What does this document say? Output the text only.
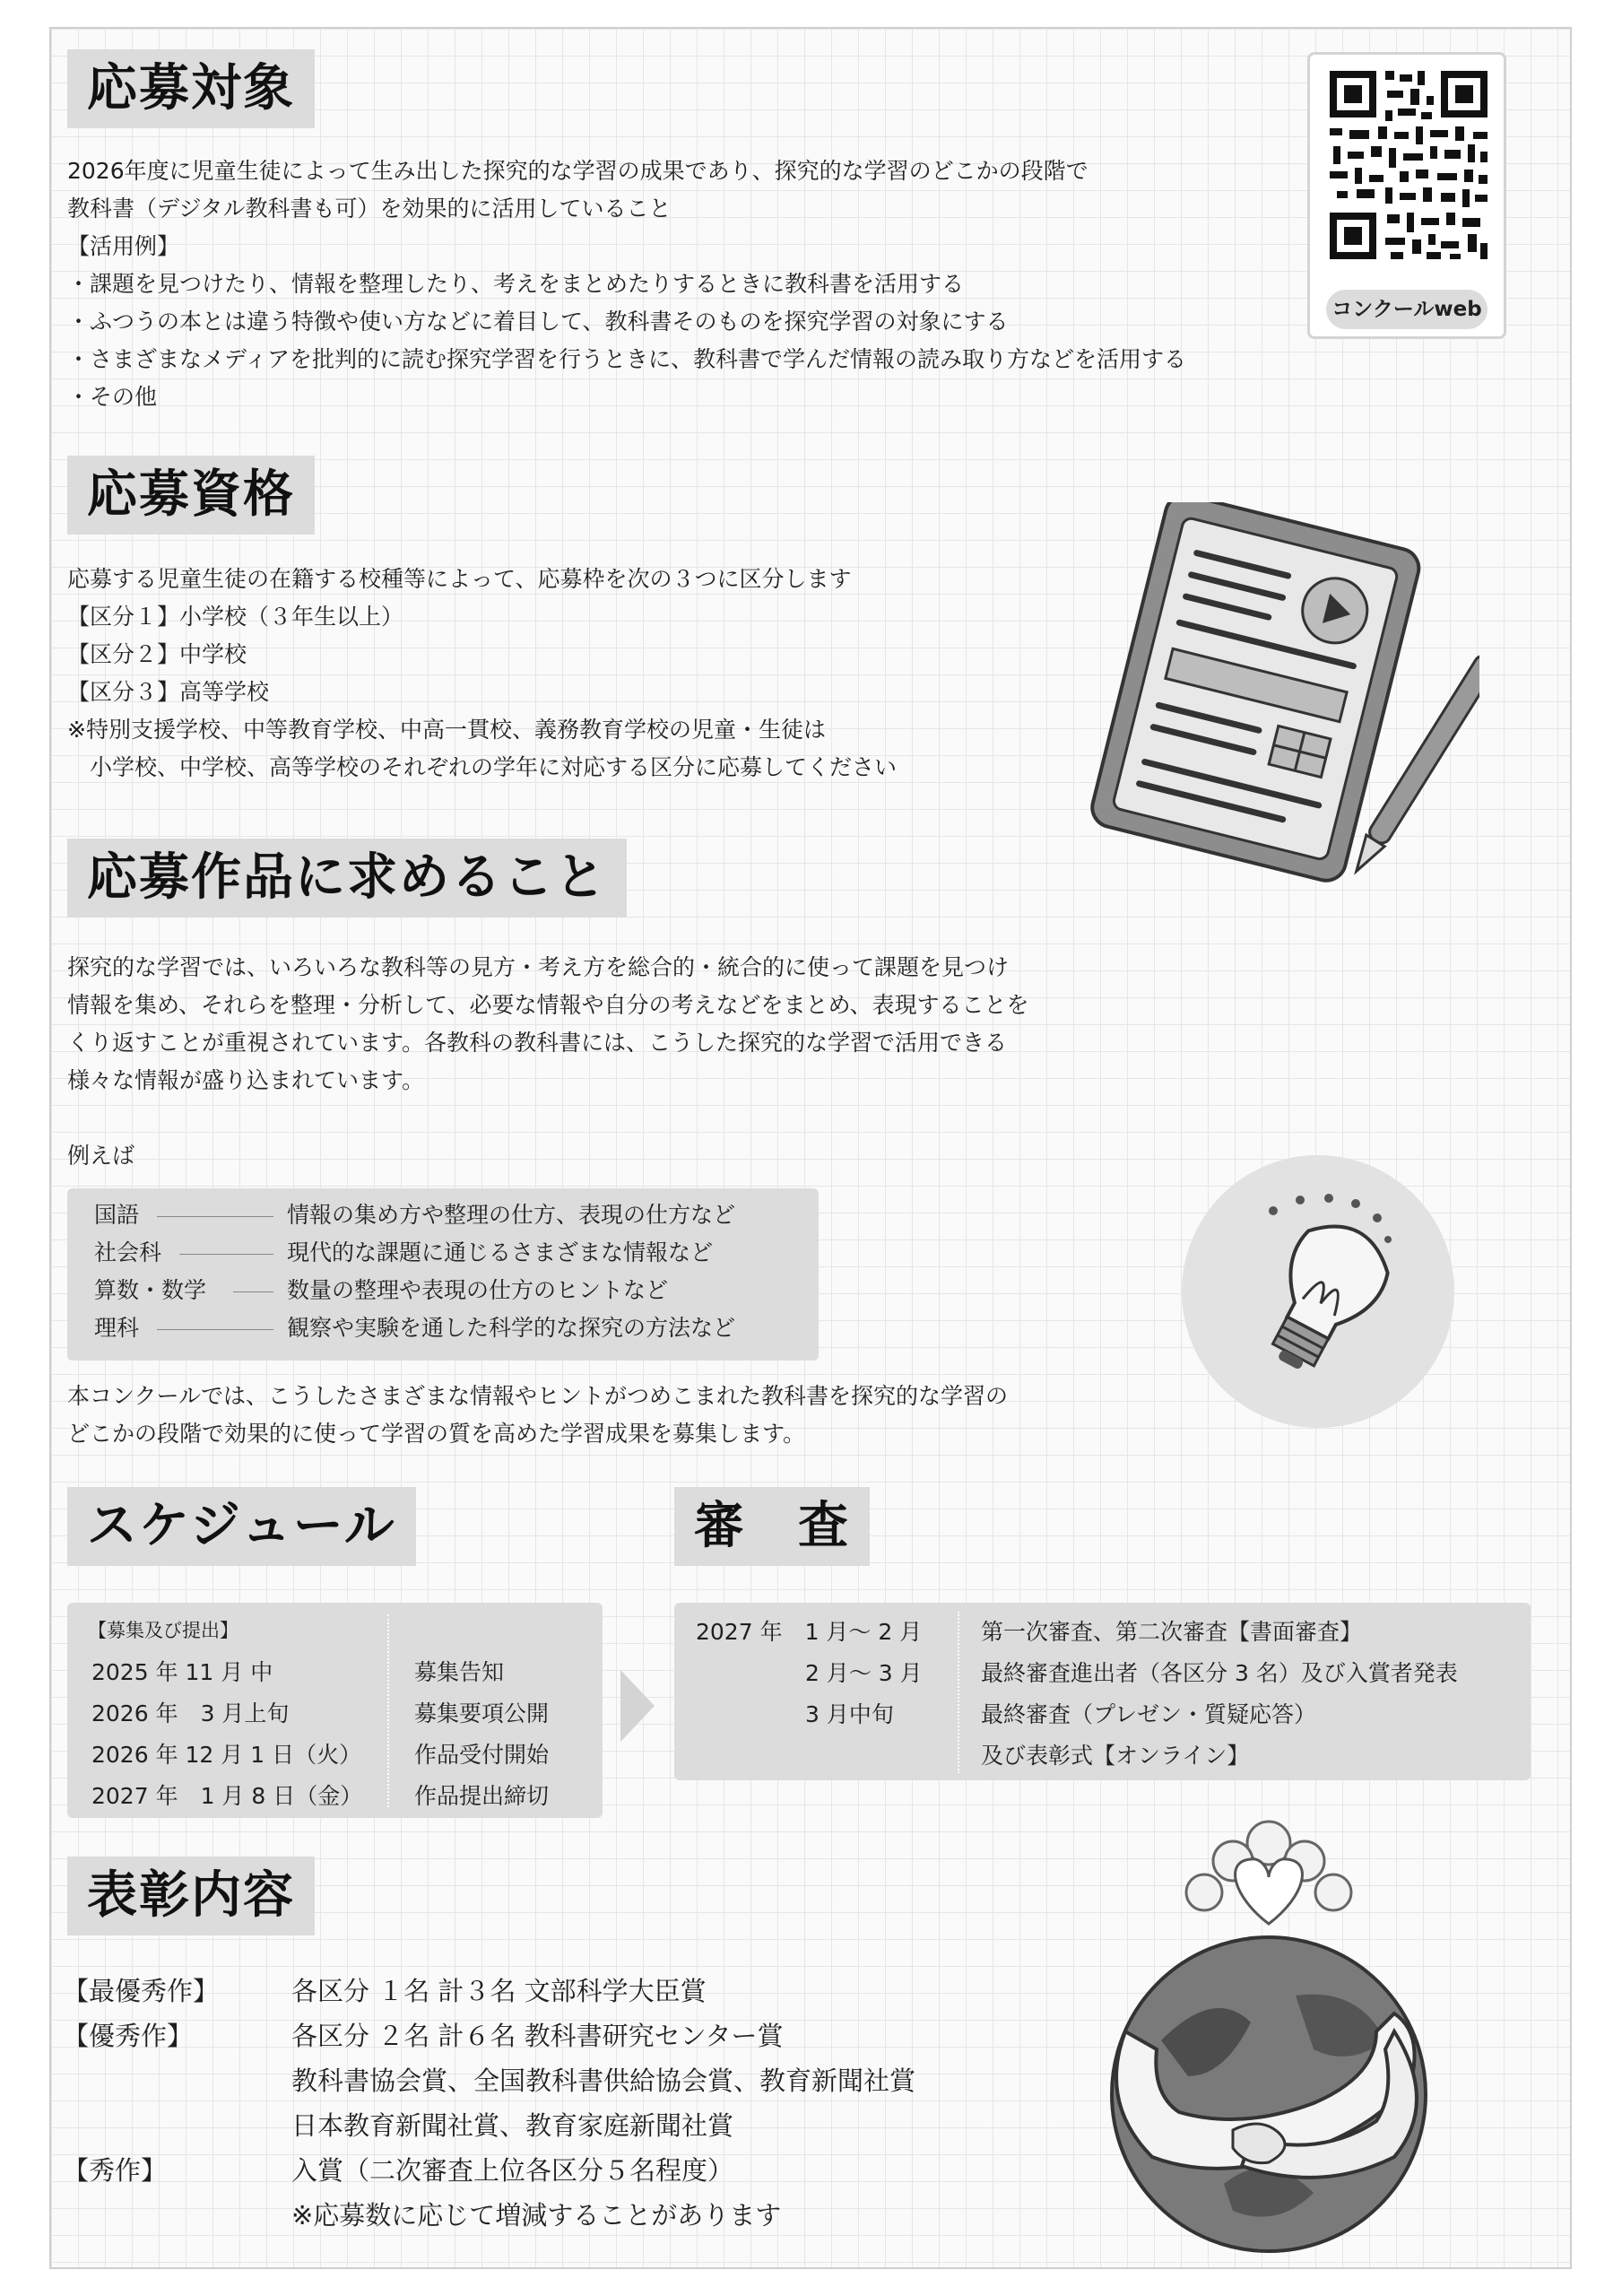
コンクールweb
応募対象
2026年度に児童生徒によって生み出した探究的な学習の成果であり、探究的な学習のどこかの段階で
教科書（デジタル教科書も可）を効果的に活用していること
【活用例】
・課題を見つけたり、情報を整理したり、考えをまとめたりするときに教科書を活用する
・ふつうの本とは違う特徴や使い方などに着目して、教科書そのものを探究学習の対象にする
・さまざまなメディアを批判的に読む探究学習を行うときに、教科書で学んだ情報の読み取り方などを活用する
・その他
応募資格
応募する児童生徒の在籍する校種等によって、応募枠を次の３つに区分します
【区分１】小学校（３年生以上）
【区分２】中学校
【区分３】高等学校
※特別支援学校、中等教育学校、中高一貫校、義務教育学校の児童・生徒は
　小学校、中学校、高等学校のそれぞれの学年に対応する区分に応募してください
応募作品に求めること
探究的な学習では、いろいろな教科等の見方・考え方を総合的・統合的に使って課題を見つけ
情報を集め、それらを整理・分析して、必要な情報や自分の考えなどをまとめ、表現することを
くり返すことが重視されています。各教科の教科書には、こうした探究的な学習で活用できる
様々な情報が盛り込まれています。
例えば
国語
社会科
算数・数学
理科
情報の集め方や整理の仕方、表現の仕方など
現代的な課題に通じるさまざまな情報など
数量の整理や表現の仕方のヒントなど
観察や実験を通した科学的な探究の方法など
本コンクールでは、こうしたさまざまな情報やヒントがつめこまれた教科書を探究的な学習の
どこかの段階で効果的に使って学習の質を高めた学習成果を募集します。
スケジュール
【募集及び提出】
2025 年 11 月 中
2026 年　3 月上旬
2026 年 12 月 1 日（火）
2027 年　1 月 8 日（金）
募集告知
募集要項公開
作品受付開始
作品提出締切
審　査
2027 年　1 月～ 2 月
2 月～ 3 月
3 月中旬
第一次審査、第二次審査【書面審査】
最終審査進出者（各区分 3 名）及び入賞者発表
最終審査（プレゼン・質疑応答）
及び表彰式【オンライン】
表彰内容
【最優秀作】
【優秀作】
【秀作】
各区分 １名 計３名 文部科学大臣賞
各区分 ２名 計６名 教科書研究センター賞
教科書協会賞、全国教科書供給協会賞、教育新聞社賞
日本教育新聞社賞、教育家庭新聞社賞
入賞（二次審査上位各区分５名程度）
※応募数に応じて増減することがあります
